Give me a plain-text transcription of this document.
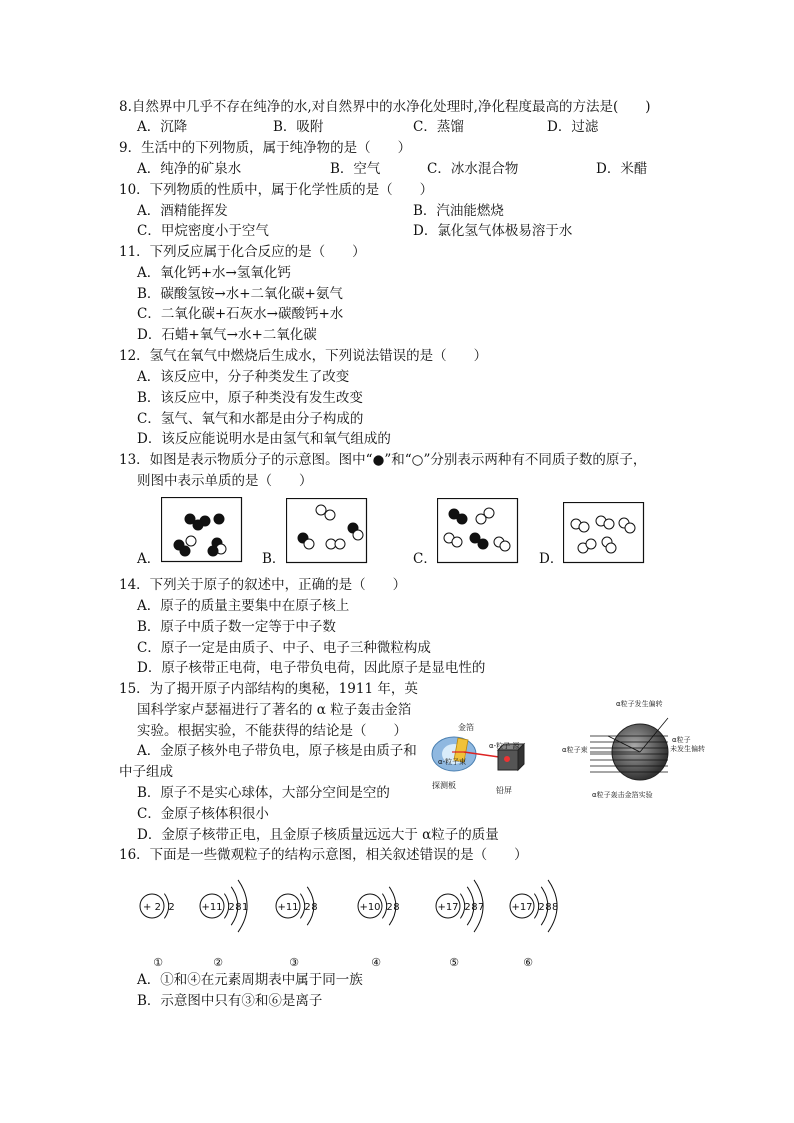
8.自然界中几乎不存在纯净的水,对自然界中的水净化处理时,净化程度最高的方法是(　　)
A．沉降	B．吸附	C．蒸馏	D．过滤
9．生活中的下列物质，属于纯净物的是（　　）
A．纯净的矿泉水	B．空气	C．冰水混合物	D．米醋
10．下列物质的性质中，属于化学性质的是（　　）
A．酒精能挥发	B．汽油能燃烧
C．甲烷密度小于空气	D．氯化氢气体极易溶于水
11．下列反应属于化合反应的是（　　）
A．氧化钙+水→氢氧化钙
B．碳酸氢铵→水+二氧化碳+氨气
C．二氧化碳+石灰水→碳酸钙+水
D．石蜡+氧气→水+二氧化碳
12．氢气在氧气中燃烧后生成水，下列说法错误的是（　　）
A．该反应中，分子种类发生了改变
B．该反应中，原子种类没有发生改变
C．氢气、氧气和水都是由分子构成的
D．该反应能说明水是由氢气和氧气组成的
13．如图是表示物质分子的示意图。图中“●”和“○”分别表示两种有不同质子数的原子，
则图中表示单质的是（　　）
A．	B．	C．	D．
14．下列关于原子的叙述中，正确的是（　　）
A．原子的质量主要集中在原子核上
B．原子中质子数一定等于中子数
C．原子一定是由质子、中子、电子三种微粒构成
D．原子核带正电荷，电子带负电荷，因此原子是显电性的
15．为了揭开原子内部结构的奥秘，1911 年，英
国科学家卢瑟福进行了著名的 α 粒子轰击金箔
实验。根据实验，不能获得的结论是（　　）
A．金原子核外电子带负电，原子核是由质子和
中子组成
B．原子不是实心球体，大部分空间是空的
C．金原子核体积很小
D．金原子核带正电，且金原子核质量远远大于 α粒子的质量
金箔
α-粒子 源
α-粒子束
探测板
铅屏
α粒子发生偏转
α粒子束
α粒子
未发生偏转
α粒子轰击金箔实验
16．下面是一些微观粒子的结构示意图，相关叙述错误的是（　　）
+ 2 2
①
+11 2 8 1
②
+11 2 8
③
+10 2 8
④
+17 2 8 7
⑤
+17 2 8 8
⑥
A．①和④在元素周期表中属于同一族
B．示意图中只有③和⑥是离子
